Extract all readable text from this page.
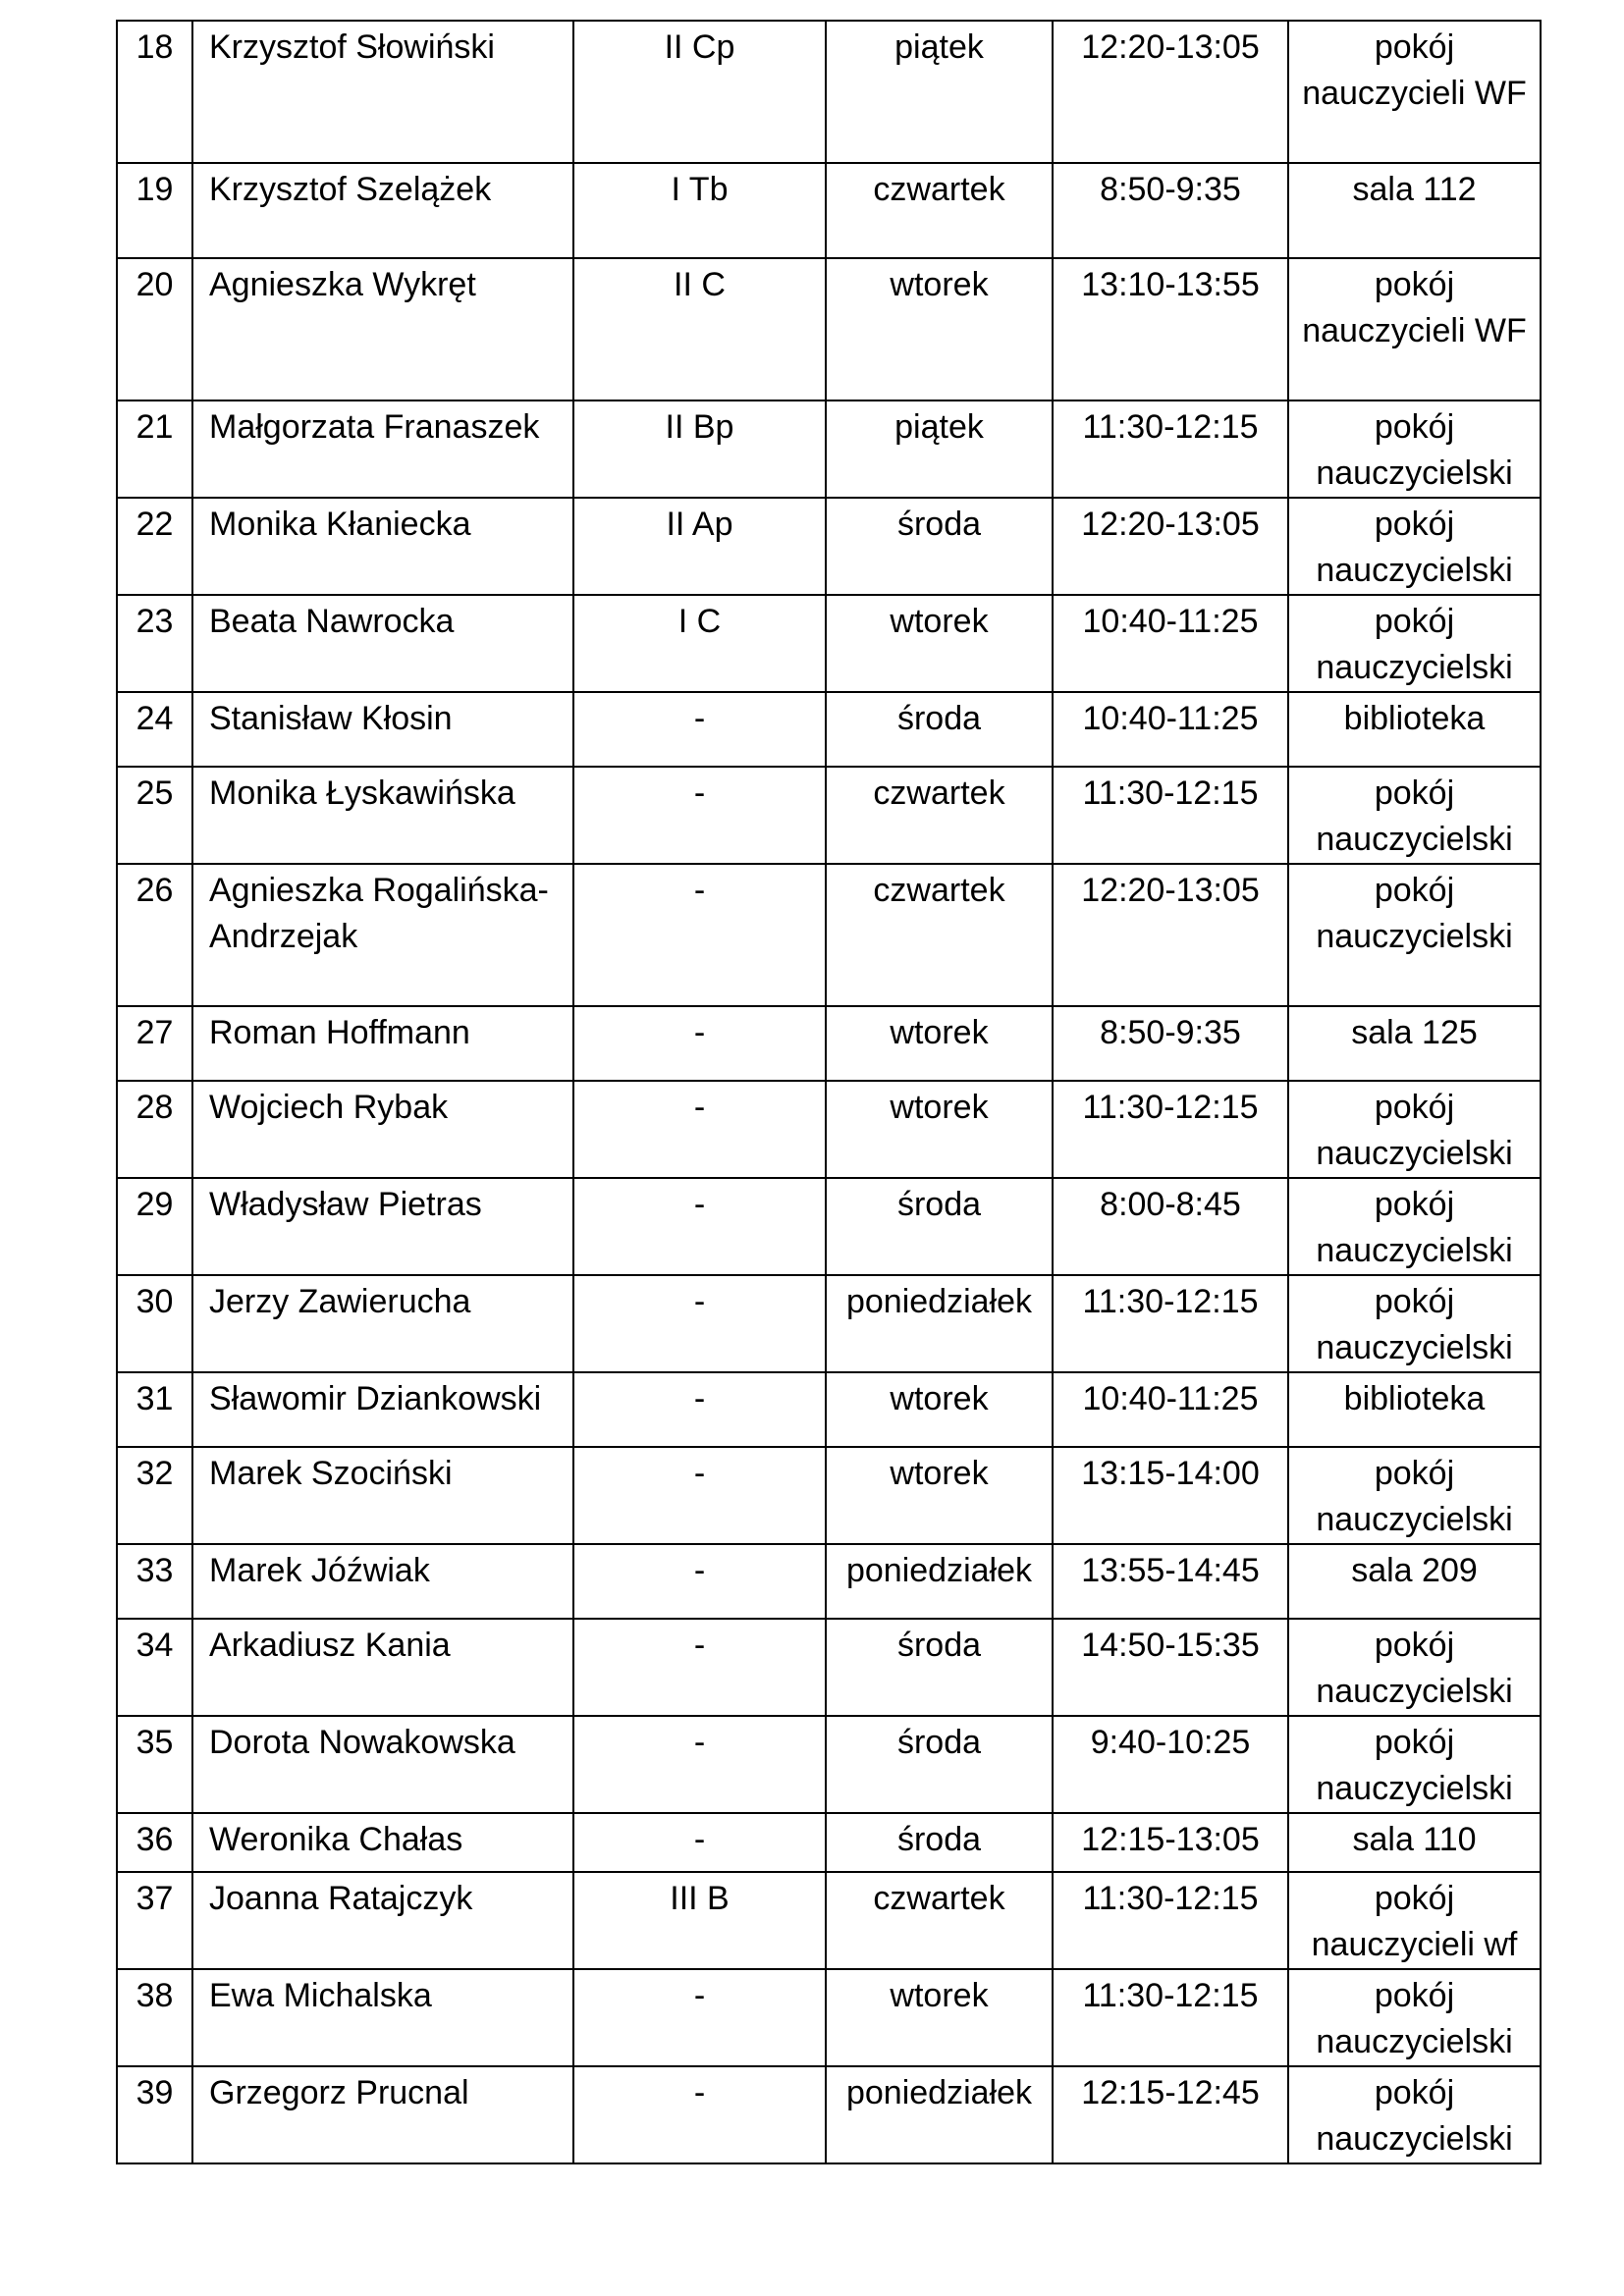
18	Krzysztof Słowiński	II Cp	piątek	12:20-13:05	pokój nauczycieli WF
19	Krzysztof Szelążek	I Tb	czwartek	8:50-9:35	sala 112
20	Agnieszka Wykręt	II C	wtorek	13:10-13:55	pokój nauczycieli WF
21	Małgorzata Franaszek	II Bp	piątek	11:30-12:15	pokój nauczycielski
22	Monika Kłaniecka	II Ap	środa	12:20-13:05	pokój nauczycielski
23	Beata Nawrocka	I C	wtorek	10:40-11:25	pokój nauczycielski
24	Stanisław Kłosin	-	środa	10:40-11:25	biblioteka
25	Monika Łyskawińska	-	czwartek	11:30-12:15	pokój nauczycielski
26	Agnieszka Rogalińska-Andrzejak	-	czwartek	12:20-13:05	pokój nauczycielski
27	Roman Hoffmann	-	wtorek	8:50-9:35	sala 125
28	Wojciech Rybak	-	wtorek	11:30-12:15	pokój nauczycielski
29	Władysław Pietras	-	środa	8:00-8:45	pokój nauczycielski
30	Jerzy Zawierucha	-	poniedziałek	11:30-12:15	pokój nauczycielski
31	Sławomir Dziankowski	-	wtorek	10:40-11:25	biblioteka
32	Marek Szociński	-	wtorek	13:15-14:00	pokój nauczycielski
33	Marek Jóźwiak	-	poniedziałek	13:55-14:45	sala 209
34	Arkadiusz Kania	-	środa	14:50-15:35	pokój nauczycielski
35	Dorota Nowakowska	-	środa	9:40-10:25	pokój nauczycielski
36	Weronika Chałas	-	środa	12:15-13:05	sala 110
37	Joanna Ratajczyk	III B	czwartek	11:30-12:15	pokój nauczycieli wf
38	Ewa Michalska	-	wtorek	11:30-12:15	pokój nauczycielski
39	Grzegorz Prucnal	-	poniedziałek	12:15-12:45	pokój nauczycielski
